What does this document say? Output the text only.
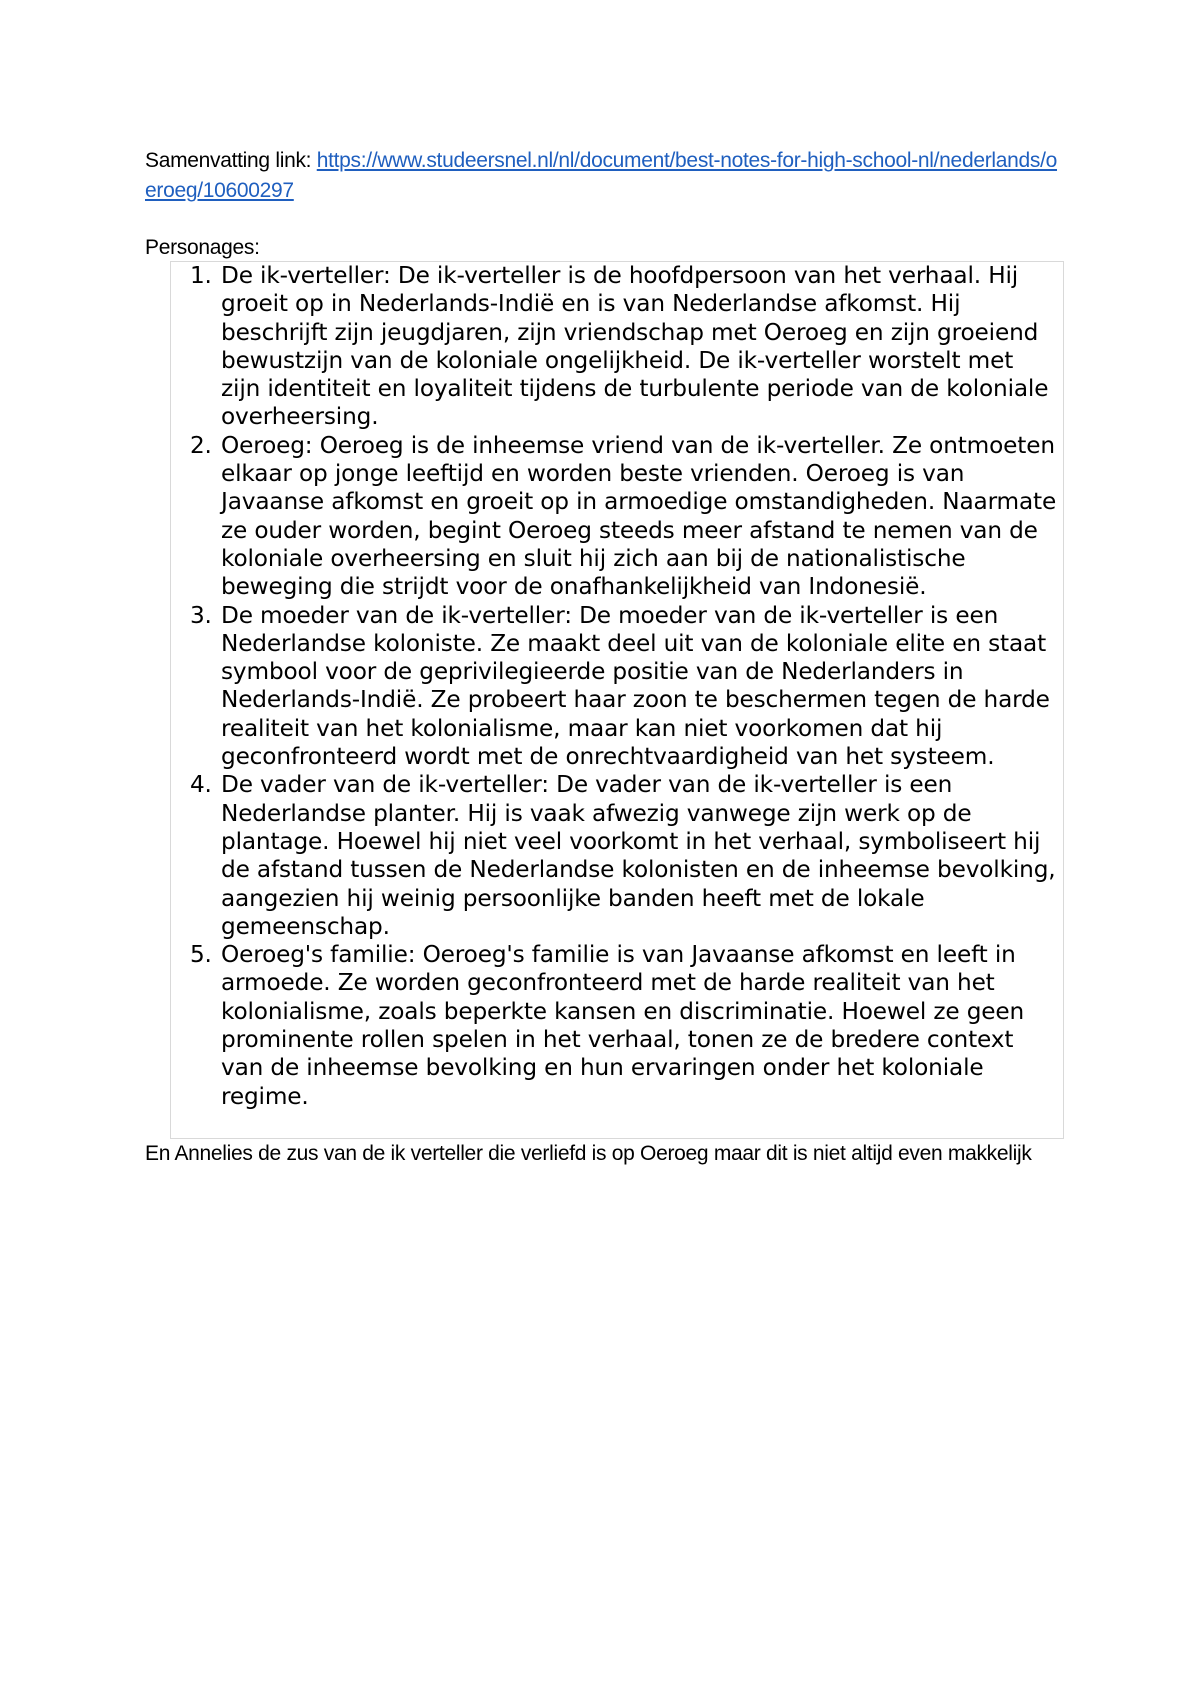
Samenvatting link: https://www.studeersnel.nl/nl/document/best-notes-for-high-school-nl/nederlands/oeroeg/10600297
Personages:
1. De ik-verteller: De ik-verteller is de hoofdpersoon van het verhaal. Hij groeit op in Nederlands-Indië en is van Nederlandse afkomst. Hij beschrijft zijn jeugdjaren, zijn vriendschap met Oeroeg en zijn groeiend bewustzijn van de koloniale ongelijkheid. De ik-verteller worstelt met zijn identiteit en loyaliteit tijdens de turbulente periode van de koloniale overheersing.
2. Oeroeg: Oeroeg is de inheemse vriend van de ik-verteller. Ze ontmoeten elkaar op jonge leeftijd en worden beste vrienden. Oeroeg is van Javaanse afkomst en groeit op in armoedige omstandigheden. Naarmate ze ouder worden, begint Oeroeg steeds meer afstand te nemen van de koloniale overheersing en sluit hij zich aan bij de nationalistische beweging die strijdt voor de onafhankelijkheid van Indonesië.
3. De moeder van de ik-verteller: De moeder van de ik-verteller is een Nederlandse koloniste. Ze maakt deel uit van de koloniale elite en staat symbool voor de geprivilegieerde positie van de Nederlanders in Nederlands-Indië. Ze probeert haar zoon te beschermen tegen de harde realiteit van het kolonialisme, maar kan niet voorkomen dat hij geconfronteerd wordt met de onrechtvaardigheid van het systeem.
4. De vader van de ik-verteller: De vader van de ik-verteller is een Nederlandse planter. Hij is vaak afwezig vanwege zijn werk op de plantage. Hoewel hij niet veel voorkomt in het verhaal, symboliseert hij de afstand tussen de Nederlandse kolonisten en de inheemse bevolking, aangezien hij weinig persoonlijke banden heeft met de lokale gemeenschap.
5. Oeroeg's familie: Oeroeg's familie is van Javaanse afkomst en leeft in armoede. Ze worden geconfronteerd met de harde realiteit van het kolonialisme, zoals beperkte kansen en discriminatie. Hoewel ze geen prominente rollen spelen in het verhaal, tonen ze de bredere context van de inheemse bevolking en hun ervaringen onder het koloniale regime.
En Annelies de zus van de ik verteller die verliefd is op Oeroeg maar dit is niet altijd even makkelijk
